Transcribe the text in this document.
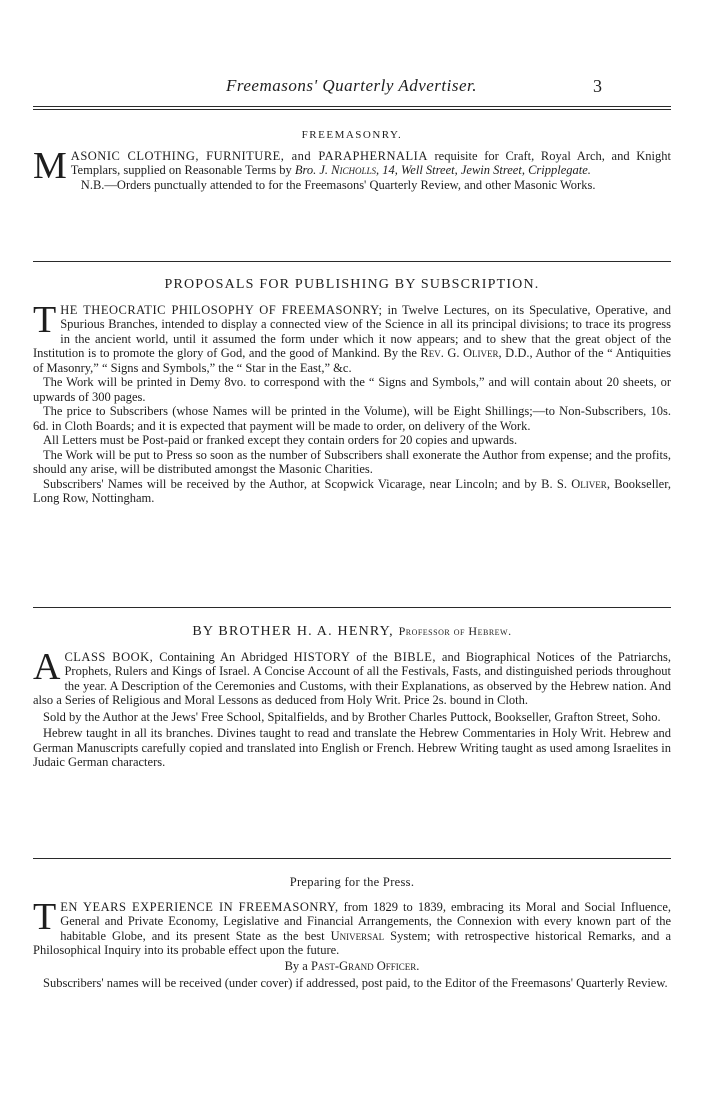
Freemasons' Quarterly Advertiser.	3
FREEMASONRY.

MASONIC CLOTHING, FURNITURE, and PARAPHERNALIA requisite for Craft, Royal Arch, and Knight Templars, supplied on Reasonable Terms by Bro. J. Nicholls, 14, Well Street, Jewin Street, Cripplegate.

N.B.—Orders punctually attended to for the Freemasons' Quarterly Review, and other Masonic Works.

PROPOSALS FOR PUBLISHING BY SUBSCRIPTION.

THE THEOCRATIC PHILOSOPHY OF FREEMASONRY; in Twelve Lectures, on its Speculative, Operative, and Spurious Branches, intended to display a connected view of the Science in all its principal divisions; to trace its progress in the ancient world, until it assumed the form under which it now appears; and to shew that the great object of the Institution is to promote the glory of God, and the good of Mankind. By the Rev. G. Oliver, D.D., Author of the “ Antiquities of Masonry,” “ Signs and Symbols,” the “ Star in the East,” &c.

The Work will be printed in Demy 8vo. to correspond with the “ Signs and Symbols,” and will contain about 20 sheets, or upwards of 300 pages.

The price to Subscribers (whose Names will be printed in the Volume), will be Eight Shillings;—to Non-Subscribers, 10s. 6d. in Cloth Boards; and it is expected that payment will be made to order, on delivery of the Work.

All Letters must be Post-paid or franked except they contain orders for 20 copies and upwards.

The Work will be put to Press so soon as the number of Subscribers shall exonerate the Author from expense; and the profits, should any arise, will be distributed amongst the Masonic Charities.

Subscribers' Names will be received by the Author, at Scopwick Vicarage, near Lincoln; and by B. S. Oliver, Bookseller, Long Row, Nottingham.

BY BROTHER H. A. HENRY, Professor of Hebrew.

ACLASS BOOK, Containing An Abridged HISTORY of the BIBLE, and Biographical Notices of the Patriarchs, Prophets, Rulers and Kings of Israel. A Concise Account of all the Festivals, Fasts, and distinguished periods throughout the year. A Description of the Ceremonies and Customs, with their Explanations, as observed by the Hebrew nation. And also a Series of Religious and Moral Lessons as deduced from Holy Writ. Price 2s. bound in Cloth.

Sold by the Author at the Jews' Free School, Spitalfields, and by Brother Charles Puttock, Bookseller, Grafton Street, Soho.

Hebrew taught in all its branches. Divines taught to read and translate the Hebrew Commentaries in Holy Writ. Hebrew and German Manuscripts carefully copied and translated into English or French. Hebrew Writing taught as used among Israelites in Judaic German characters.

Preparing for the Press.

TEN YEARS EXPERIENCE IN FREEMASONRY, from 1829 to 1839, embracing its Moral and Social Influence, General and Private Economy, Legislative and Financial Arrangements, the Connexion with every known part of the habitable Globe, and its present State as the best Universal System; with retrospective historical Remarks, and a Philosophical Inquiry into its probable effect upon the future.

By a Past-Grand Officer.

Subscribers' names will be received (under cover) if addressed, post paid, to the Editor of the Freemasons' Quarterly Review.
